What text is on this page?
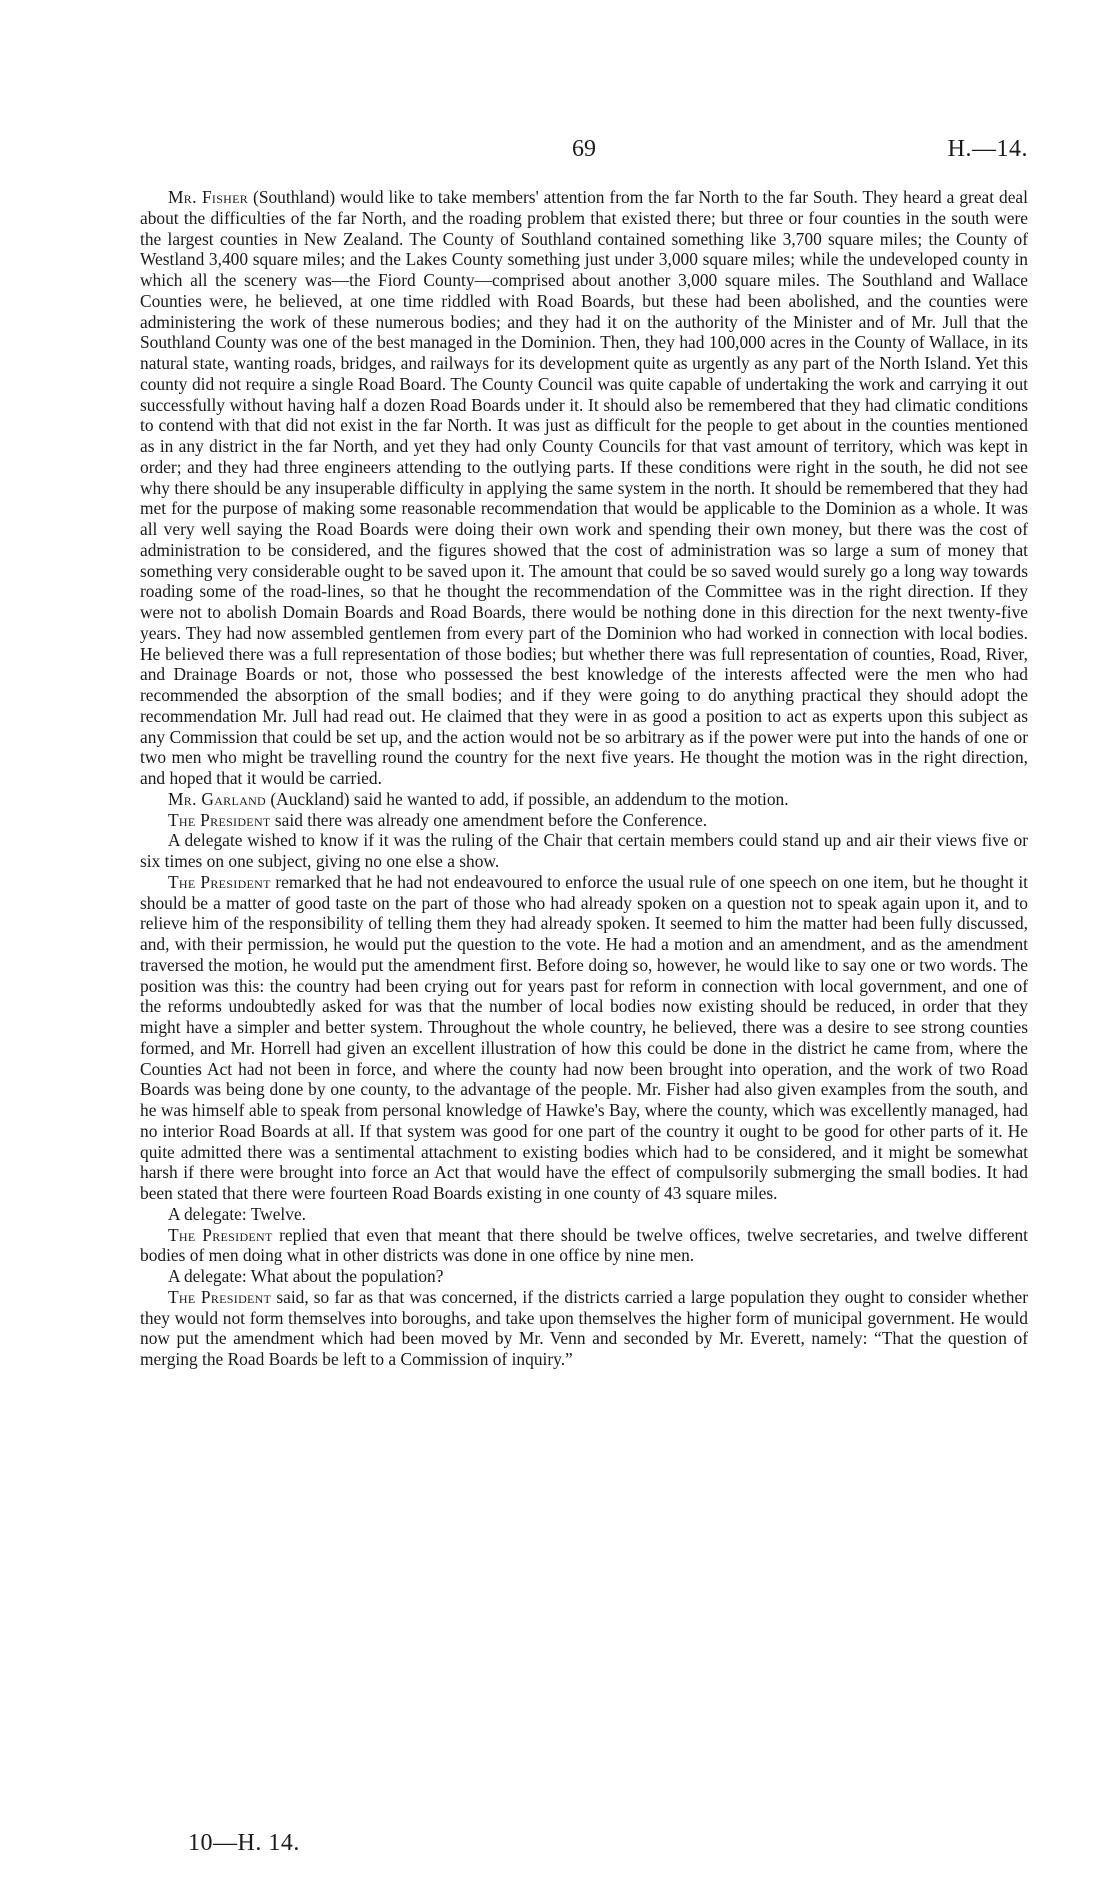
69	H.—14.

Mr. Fisher (Southland) would like to take members' attention from the far North to the far South. They heard a great deal about the difficulties of the far North, and the roading problem that existed there; but three or four counties in the south were the largest counties in New Zealand. The County of Southland contained something like 3,700 square miles; the County of Westland 3,400 square miles; and the Lakes County something just under 3,000 square miles; while the undeveloped county in which all the scenery was—the Fiord County—comprised about another 3,000 square miles. The Southland and Wallace Counties were, he believed, at one time riddled with Road Boards, but these had been abolished, and the counties were administering the work of these numerous bodies; and they had it on the authority of the Minister and of Mr. Jull that the Southland County was one of the best managed in the Dominion. Then, they had 100,000 acres in the County of Wallace, in its natural state, wanting roads, bridges, and railways for its development quite as urgently as any part of the North Island. Yet this county did not require a single Road Board. The County Council was quite capable of undertaking the work and carrying it out successfully without having half a dozen Road Boards under it. It should also be remembered that they had climatic conditions to contend with that did not exist in the far North. It was just as difficult for the people to get about in the counties mentioned as in any district in the far North, and yet they had only County Councils for that vast amount of territory, which was kept in order; and they had three engineers attending to the outlying parts. If these conditions were right in the south, he did not see why there should be any insuperable difficulty in applying the same system in the north. It should be remembered that they had met for the purpose of making some reasonable recommendation that would be applicable to the Dominion as a whole. It was all very well saying the Road Boards were doing their own work and spending their own money, but there was the cost of administration to be considered, and the figures showed that the cost of administration was so large a sum of money that something very considerable ought to be saved upon it. The amount that could be so saved would surely go a long way towards roading some of the road-lines, so that he thought the recommendation of the Committee was in the right direction. If they were not to abolish Domain Boards and Road Boards, there would be nothing done in this direction for the next twenty-five years. They had now assembled gentlemen from every part of the Dominion who had worked in connection with local bodies. He believed there was a full representation of those bodies; but whether there was full representation of counties, Road, River, and Drainage Boards or not, those who possessed the best knowledge of the interests affected were the men who had recommended the absorption of the small bodies; and if they were going to do anything practical they should adopt the recommendation Mr. Jull had read out. He claimed that they were in as good a position to act as experts upon this subject as any Commission that could be set up, and the action would not be so arbitrary as if the power were put into the hands of one or two men who might be travelling round the country for the next five years. He thought the motion was in the right direction, and hoped that it would be carried.

Mr. Garland (Auckland) said he wanted to add, if possible, an addendum to the motion.

The President said there was already one amendment before the Conference.

A delegate wished to know if it was the ruling of the Chair that certain members could stand up and air their views five or six times on one subject, giving no one else a show.

The President remarked that he had not endeavoured to enforce the usual rule of one speech on one item, but he thought it should be a matter of good taste on the part of those who had already spoken on a question not to speak again upon it, and to relieve him of the responsibility of telling them they had already spoken. It seemed to him the matter had been fully discussed, and, with their permission, he would put the question to the vote. He had a motion and an amendment, and as the amendment traversed the motion, he would put the amendment first. Before doing so, however, he would like to say one or two words. The position was this: the country had been crying out for years past for reform in connection with local government, and one of the reforms undoubtedly asked for was that the number of local bodies now existing should be reduced, in order that they might have a simpler and better system. Throughout the whole country, he believed, there was a desire to see strong counties formed, and Mr. Horrell had given an excellent illustration of how this could be done in the district he came from, where the Counties Act had not been in force, and where the county had now been brought into operation, and the work of two Road Boards was being done by one county, to the advantage of the people. Mr. Fisher had also given examples from the south, and he was himself able to speak from personal knowledge of Hawke's Bay, where the county, which was excellently managed, had no interior Road Boards at all. If that system was good for one part of the country it ought to be good for other parts of it. He quite admitted there was a sentimental attachment to existing bodies which had to be considered, and it might be somewhat harsh if there were brought into force an Act that would have the effect of compulsorily submerging the small bodies. It had been stated that there were fourteen Road Boards existing in one county of 43 square miles.

A delegate: Twelve.

The President replied that even that meant that there should be twelve offices, twelve secretaries, and twelve different bodies of men doing what in other districts was done in one office by nine men.

A delegate: What about the population?

The President said, so far as that was concerned, if the districts carried a large population they ought to consider whether they would not form themselves into boroughs, and take upon themselves the higher form of municipal government. He would now put the amendment which had been moved by Mr. Venn and seconded by Mr. Everett, namely: “That the question of merging the Road Boards be left to a Commission of inquiry.”

10—H. 14.
